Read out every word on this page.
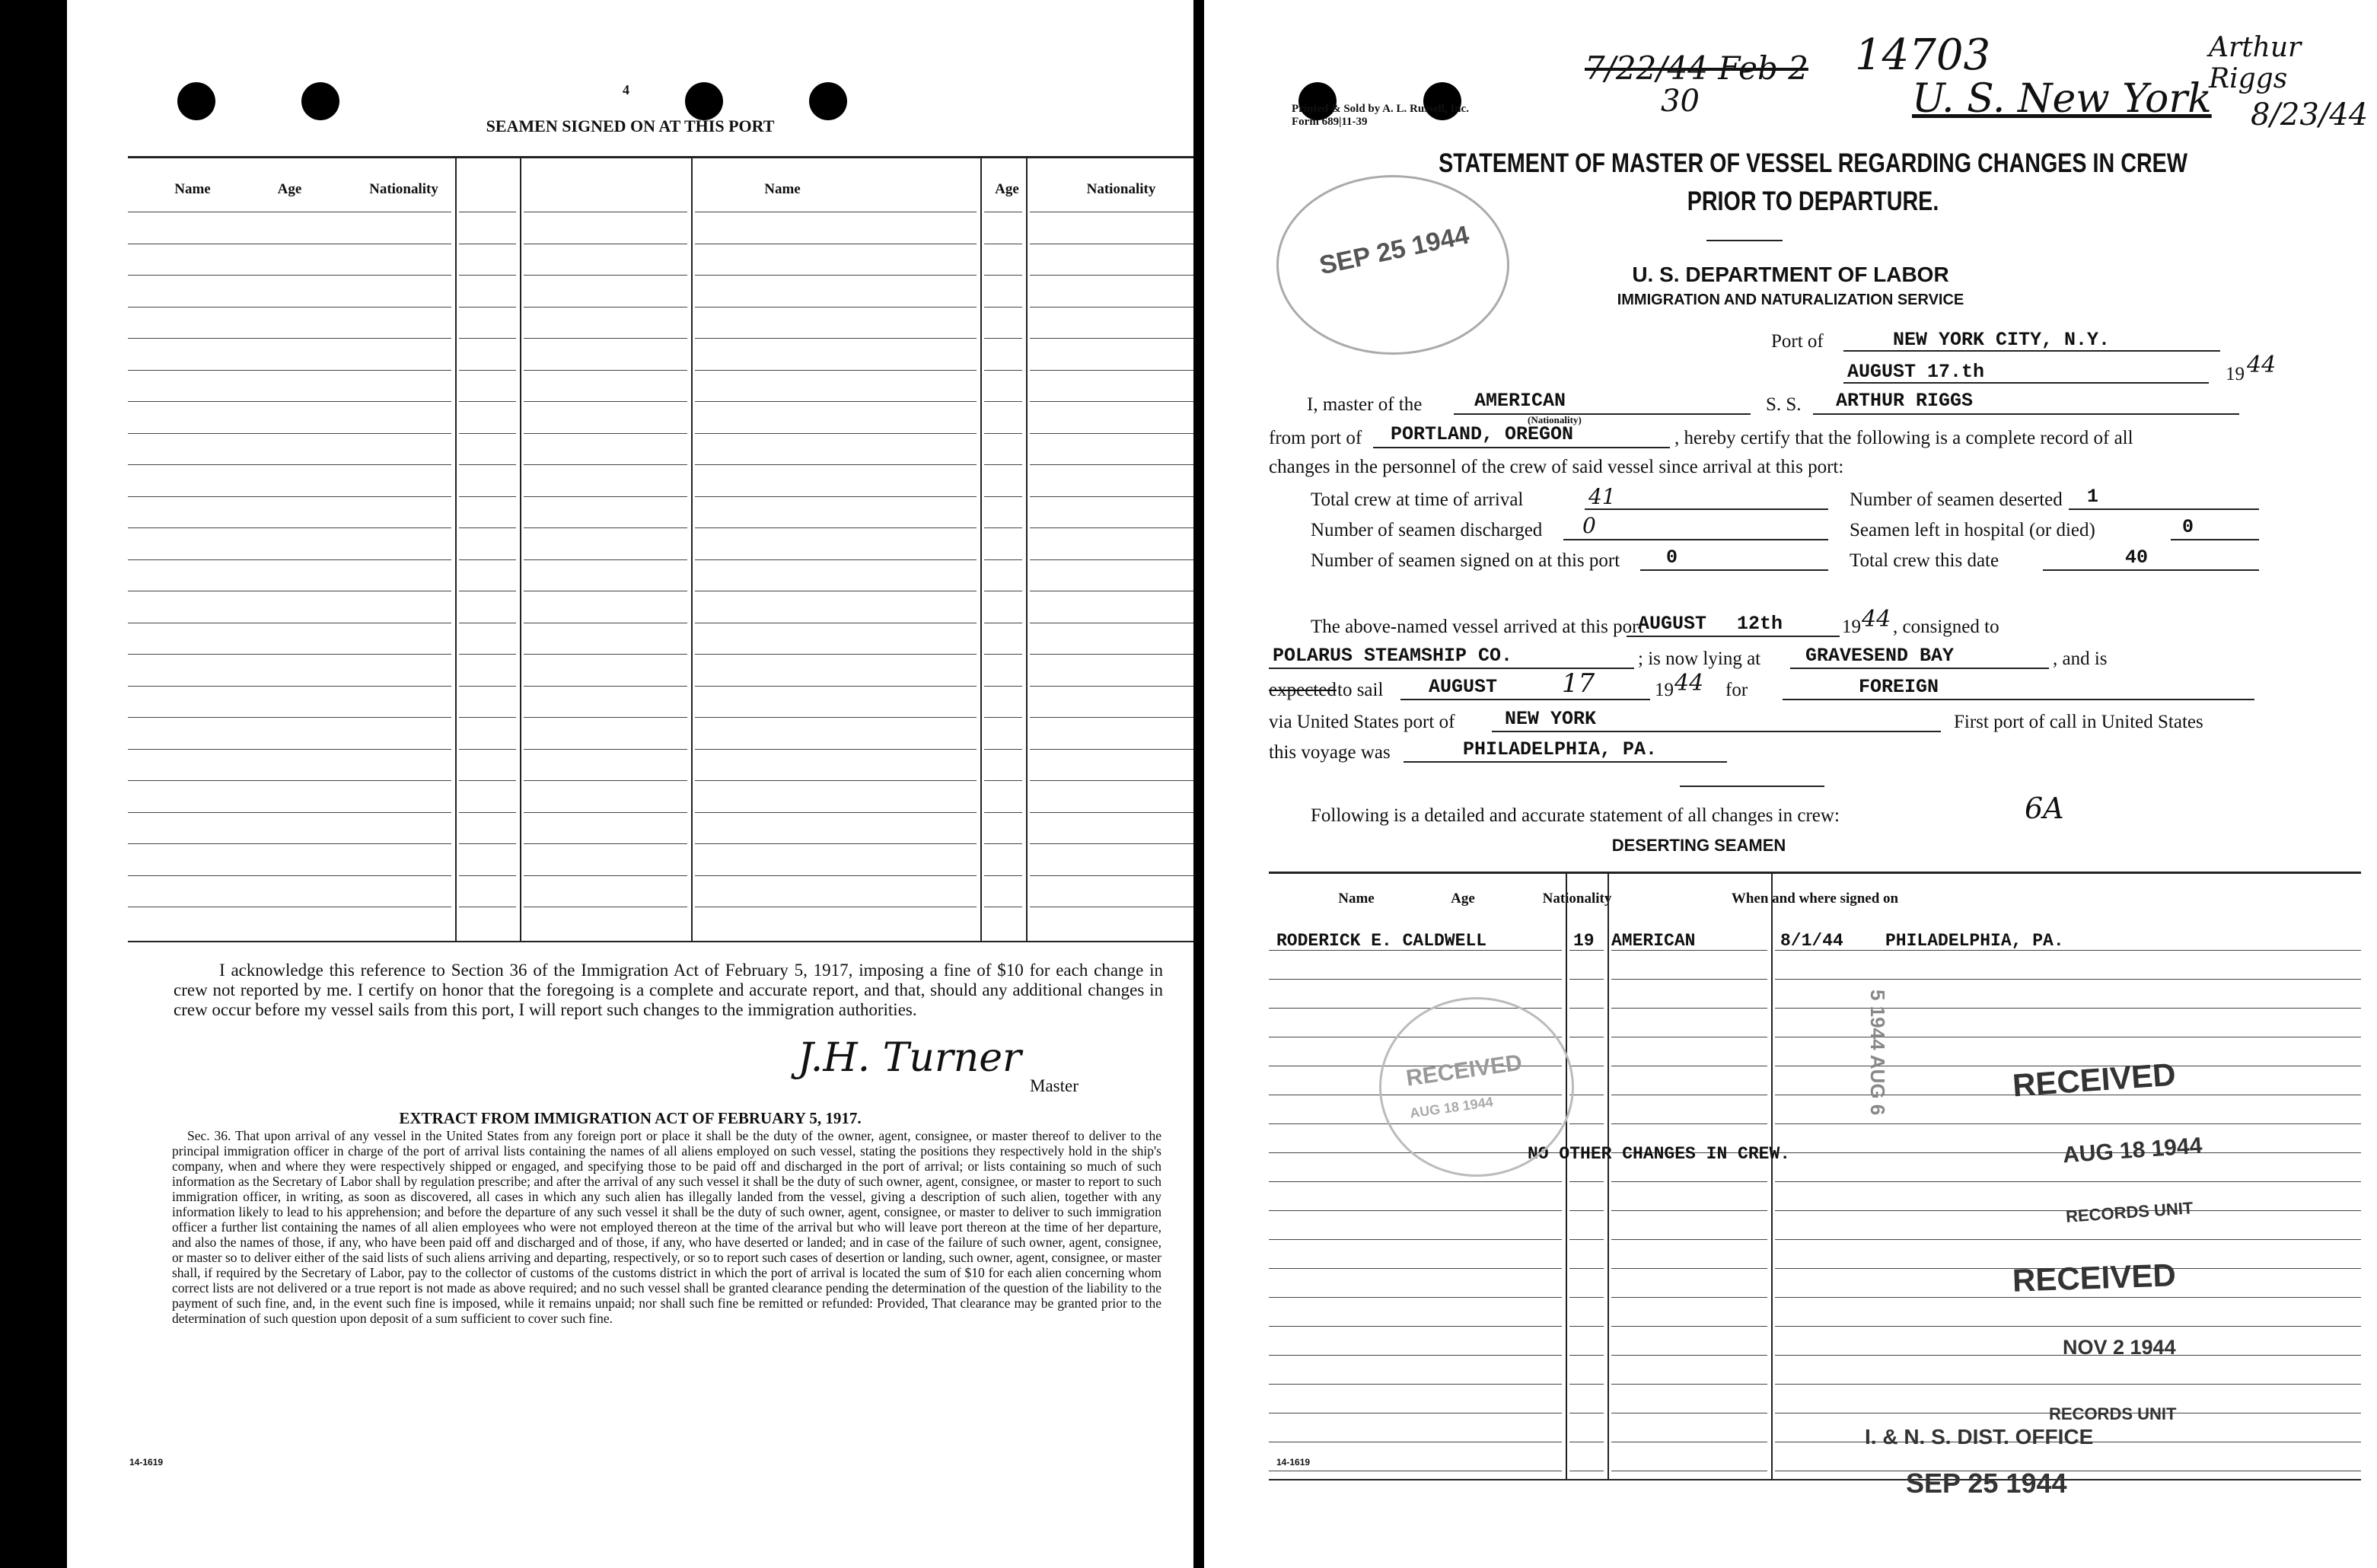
4
SEAMEN SIGNED ON AT THIS PORT
Name	Age	Nationality	Name	Age	Nationality
I acknowledge this reference to Section 36 of the Immigration Act of February 5, 1917, imposing a fine of $10 for each change in crew not reported by me. I certify on honor that the foregoing is a complete and accurate report, and that, should any additional changes in crew occur before my vessel sails from this port, I will report such changes to the immigration authorities.
J.H. Turner
Master
EXTRACT FROM IMMIGRATION ACT OF FEBRUARY 5, 1917.
Sec. 36. That upon arrival of any vessel in the United States from any foreign port or place it shall be the duty of the owner, agent, consignee, or master thereof to deliver to the principal immigration officer in charge of the port of arrival lists containing the names of all aliens employed on such vessel, stating the positions they respectively hold in the ship's company, when and where they were respectively shipped or engaged, and specifying those to be paid off and discharged in the port of arrival; or lists containing so much of such information as the Secretary of Labor shall by regulation prescribe; and after the arrival of any such vessel it shall be the duty of such owner, agent, consignee, or master to report to such immigration officer, in writing, as soon as discovered, all cases in which any such alien has illegally landed from the vessel, giving a description of such alien, together with any information likely to lead to his apprehension; and before the departure of any such vessel it shall be the duty of such owner, agent, consignee, or master to deliver to such immigration officer a further list containing the names of all alien employees who were not employed thereon at the time of the arrival but who will leave port thereon at the time of her departure, and also the names of those, if any, who have been paid off and discharged and of those, if any, who have deserted or landed; and in case of the failure of such owner, agent, consignee, or master so to deliver either of the said lists of such aliens arriving and departing, respectively, or so to report such cases of desertion or landing, such owner, agent, consignee, or master shall, if required by the Secretary of Labor, pay to the collector of customs of the customs district in which the port of arrival is located the sum of $10 for each alien concerning whom correct lists are not delivered or a true report is not made as above required; and no such vessel shall be granted clearance pending the determination of the question of the liability to the payment of such fine, and, in the event such fine is imposed, while it remains unpaid; nor shall such fine be remitted or refunded: Provided, That clearance may be granted prior to the determination of such question upon deposit of a sum sufficient to cover such fine.
14-1619
Printed & Sold by A. L. Russell, Inc.
Form 689|11-39
7/22/44 Feb 2
30
14703
U. S. New York
Arthur Riggs
8/23/44
STATEMENT OF MASTER OF VESSEL REGARDING CHANGES IN CREW
PRIOR TO DEPARTURE.
SEP 25 1944	U. S. DEPARTMENT OF LABOR
IMMIGRATION AND NATURALIZATION SERVICE
Port of	NEW YORK CITY, N.Y.
AUGUST 17.th	19 44
I, master of the	AMERICAN
(Nationality)
S. S. ARTHUR RIGGS
from port of PORTLAND, OREGON	, hereby certify that the following is a complete record of all
changes in the personnel of the crew of said vessel since arrival at this port:
Total crew at time of arrival	41	Number of seamen deserted 1
Number of seamen discharged 0	Seamen left in hospital (or died)	0
Number of seamen signed on at this port 0	Total crew this date	40
The above-named vessel arrived at this port
AUGUST 12th	19 44 , consigned to
POLARUS STEAMSHIP CO.	; is now lying at GRAVESEND BAY	, and is
expected to sail AUGUST 17	19 44 for	FOREIGN
via United States port of	NEW YORK	First port of call in United States
this voyage was	PHILADELPHIA, PA.
Following is a detailed and accurate statement of all changes in crew:	6A
DESERTING SEAMEN
Name	Age	Nationality	When and where signed on
RODERICK E. CALDWELL	19 AMERICAN	8/1/44 PHILADELPHIA, PA.
NO OTHER CHANGES IN CREW.
RECEIVED
AUG 18 1944	5 1944 AUG 6	RECEIVED
AUG 18 1944
RECORDS UNIT
RECEIVED
NOV 2 1944
RECORDS UNIT
I. & N. S. DIST. OFFICE
SEP 25 1944
14-1619
